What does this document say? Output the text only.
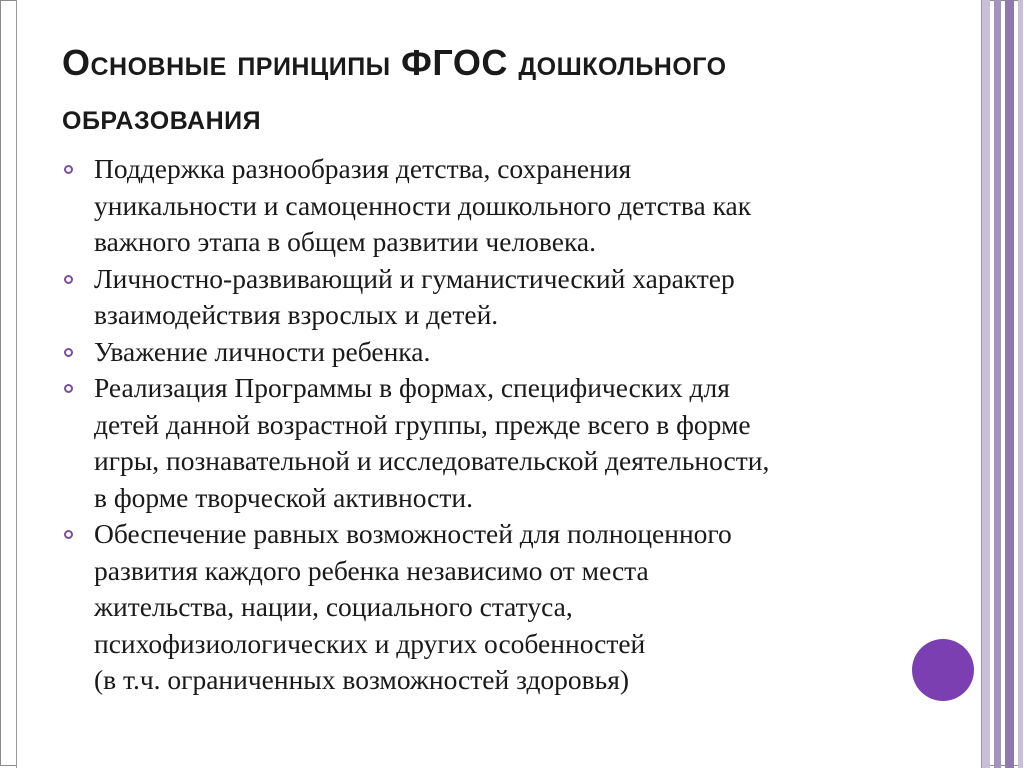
Основные принципы ФГОС дошкольного
образования
Поддержка разнообразия детства, сохранения
уникальности и самоценности дошкольного детства как
важного этапа в общем развитии человека.
Личностно-развивающий и гуманистический характер
взаимодействия взрослых и детей.
Уважение личности ребенка.
Реализация Программы в формах, специфических для
детей данной возрастной группы, прежде всего в форме
игры, познавательной и исследовательской деятельности,
в форме творческой активности.
Обеспечение равных возможностей для полноценного
развития каждого ребенка независимо от места
жительства, нации, социального статуса,
психофизиологических и других особенностей
(в т.ч. ограниченных возможностей здоровья)
